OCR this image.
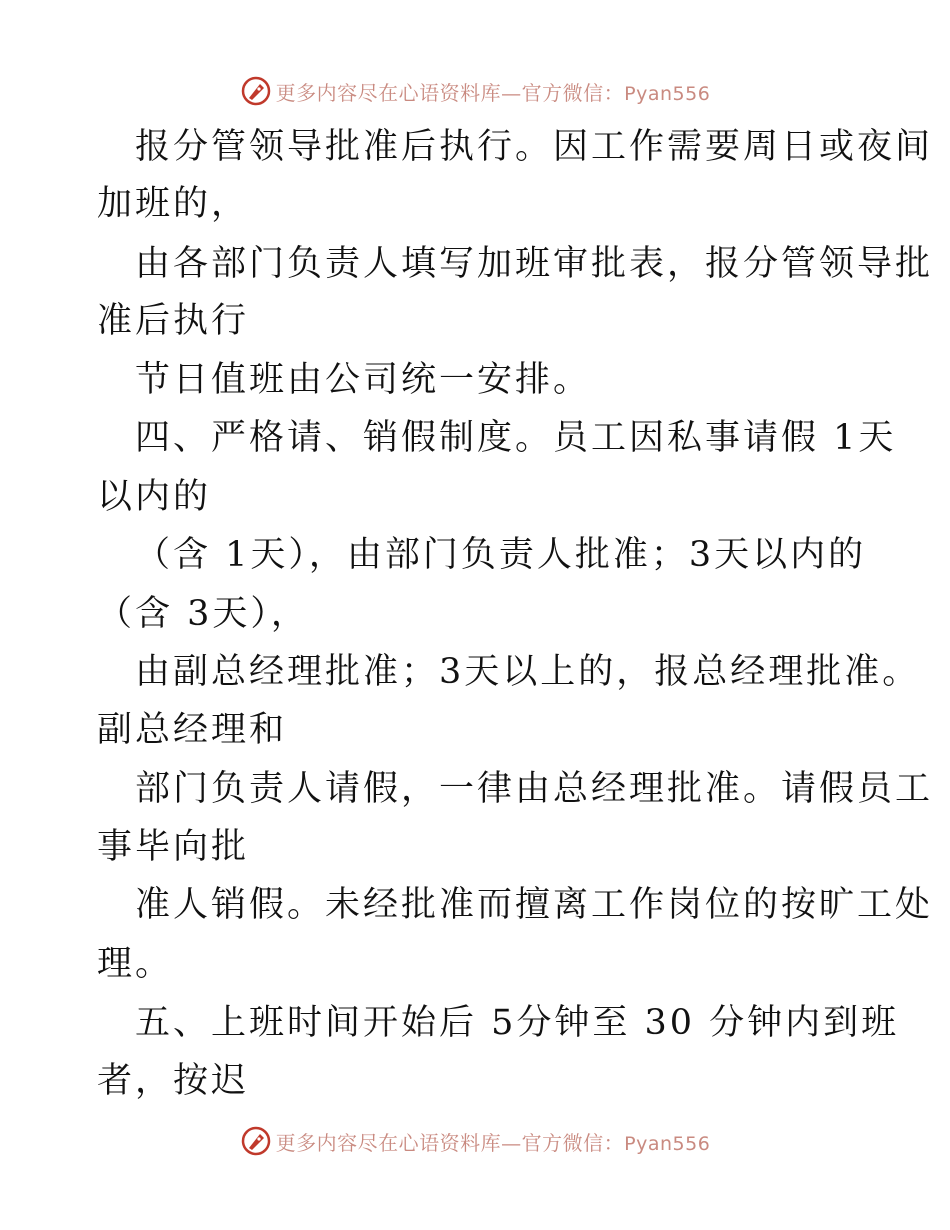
更多内容尽在心语资料库—官方微信：Pyan556
报分管领导批准后执行。因工作需要周日或夜间
加班的，
由各部门负责人填写加班审批表，报分管领导批
准后执行
节日值班由公司统一安排。
四、严格请、销假制度。员工因私事请假 1天
以内的
（含 1天），由部门负责人批准；3天以内的
（含 3天），
由副总经理批准；3天以上的，报总经理批准。
副总经理和
部门负责人请假，一律由总经理批准。请假员工
事毕向批
准人销假。未经批准而擅离工作岗位的按旷工处
理。
五、上班时间开始后 5分钟至 30 分钟内到班
者，按迟
更多内容尽在心语资料库—官方微信：Pyan556
